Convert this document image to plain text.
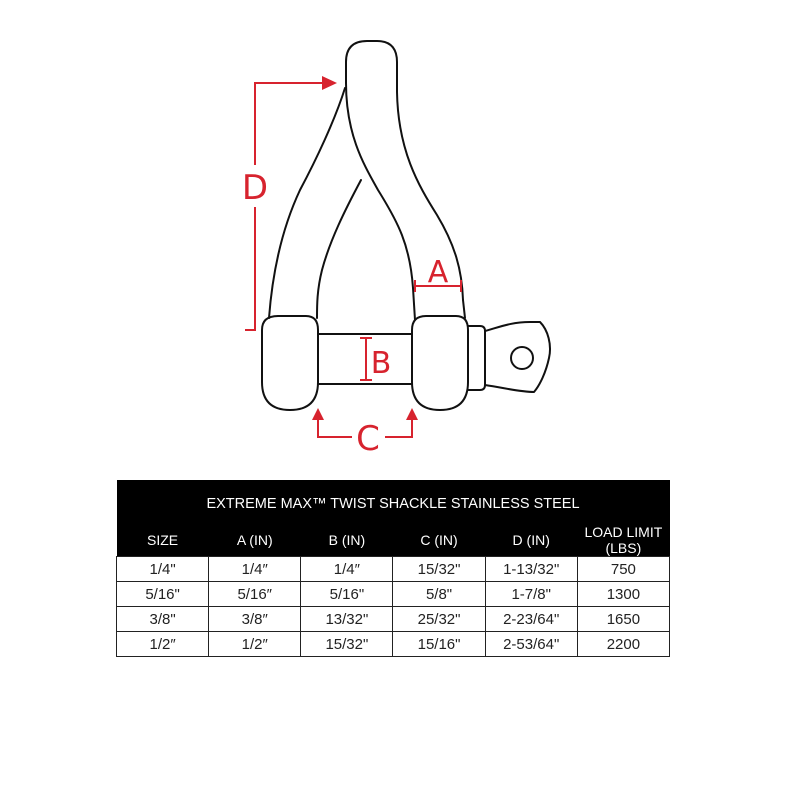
D
A
B
C
EXTREME MAX™ TWIST SHACKLE STAINLESS STEEL					
SIZE	A (IN)	B (IN)	C (IN)	D (IN)	LOAD LIMIT (LBS)
1/4"	1/4″	1/4″	15/32"	1-13/32"	750
5/16"	5/16″	5/16"	5/8"	1-7/8"	1300
3/8"	3/8″	13/32"	25/32"	2-23/64"	1650
1/2″	1/2″	15/32"	15/16"	2-53/64"	2200
